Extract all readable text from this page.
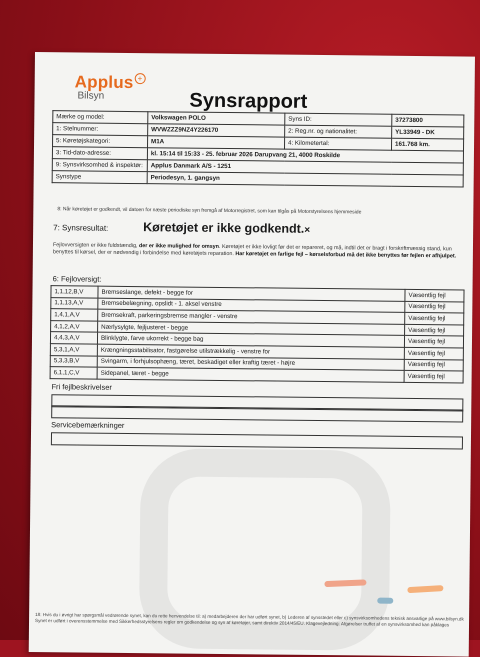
Applus +
Bilsyn	Synsrapport
Mærke og model:	Volkswagen POLO	Syns ID:	37273800
1: Stelnummer:	WVWZZZ9NZ4Y226170	2: Reg.nr. og nationalitet:	YL33949 - DK
5: Køretøjskategori:	M1A	4: Kilometertal:	161.768 km.
3: Tid-dato-adresse:	kl. 15:14 til 15:33 - 25. februar 2026 Darupvang 21, 4000 Roskilde		
9: Synsvirksomhed & inspektør:	Applus Danmark A/S - 1251		
Synstype	Periodesyn, 1. gangsyn		
8: Når køretøjet er godkendt, vil datoen for næste periodiske syn fremgå af Motorregistret, som kan tilgås på Motorstyrelsens hjemmeside
7: Synsresultat:	Køretøjet er ikke godkendt.×
Fejlovversigten er ikke fuldstændig, der er ikke mulighed for omsyn. Køretøjet er ikke lovligt før det er repareret, og må, indtil det er bragt i forskriftmæssig stand, kun benyttes til kørsel, der er nødvendig i forbindelse med køretøjets reparation. Har køretøjet en farlige fejl – kørselsforbud må det ikke benyttes før fejlen er afhjulpet.
6: Fejloversigt:
1,1,12,B,V	Bremseslange, defekt - begge for	Væsentlig fejl
1,1,13,A,V	Bremsebelægning, opslidt - 1. aksel venstre	Væsentlig fejl
1,4,1,A,V	Bremsekraft, parkeringsbremse mangler - venstre	Væsentlig fejl
4,1,2,A,V	Nærlysylgte, fejljusteret - begge	Væsentlig fejl
4,4,3,A,V	Blinklygte, farve ukorrekt - begge bag	Væsentlig fejl
5,3,1,A,V	Krængningsstabilisator, fastgørelse utilstrækkelig - venstre for	Væsentlig fejl
5,3,3,B,V	Svingarm, i forhjulsophæng, tæret, beskadiget eller kraftig tæret - højre	Væsentlig fejl
6,1,1,C,V	Sidepanel, tæret - begge	Væsentlig fejl
Fri fejlbeskrivelser
Servicebemærkninger
18: Hvis du i øvrigt har spørgsmål vedrørende synet, kan du rette henvendelse til: a) medarbejderen der har udført synet, b) Lederen af synsstedet eller c) synsvirksomhedens teknisk ansvarlige på www.bilsyn.dk Synet er udført i overensstemmelse med Sikkerhedsstyrelsens regler om godkendelse og syn af køretøjer, samt direktiv 2014/45/EU. Klagevejledning: Afgørelser truffet af en synsvirksomhed kan påklages
